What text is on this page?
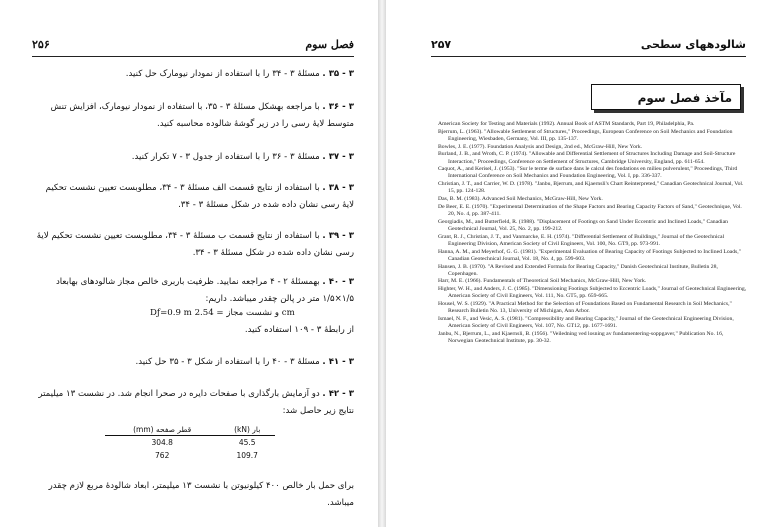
۲۵۶	فصل سوم
۳ - ۳۵ . مسئلهٔ ۳ - ۳۴ را با استفاده از نمودار نیومارک حل کنید.
۳ - ۳۶ . با مراجعه بهشکل مسئلهٔ ۳ - ۳۵، با استفاده از نمودار نیومارک، افزایش تنش متوسط لایهٔ رسی را در زیر گوشهٔ شالوده محاسبه کنید.
۳ - ۳۷ . مسئلهٔ ۳ - ۳۶ را با استفاده از جدول ۳ - ۷ تکرار کنید.
۳ - ۳۸ . با استفاده از نتایج قسمت الف مسئلهٔ ۳ - ۳۴، مطلوبست تعیین نشست تحکیم لایهٔ رسی نشان داده شده در شکل مسئلهٔ ۳ - ۳۴.
۳ - ۳۹ . با استفاده از نتایج قسمت ب مسئلهٔ ۳ - ۳۴، مطلوبست تعیین نشست تحکیم لایهٔ رسی نشان داده شده در شکل مسئلهٔ ۳ - ۳۴.
۳ - ۴۰ . بهمسئلهٔ ۲ - ۴ مراجعه نمایید. ظرفیت باربری خالص مجاز شالودهای بهابعاد ۱/۵×۱/۵ متر در پالن چقدر میباشد. داریم:
Dƒ=0.9 m و نشست مجاز = 2.54 cm
از رابطهٔ ۳ - ۱۰۹ استفاده کنید.
۳ - ۴۱ . مسئلهٔ ۳ - ۴۰ را با استفاده از شکل ۳ - ۳۵ حل کنید.
۳ - ۴۲ . دو آزمایش بارگذاری با صفحات دایره در صحرا انجام شد. در نشست ۱۳ میلیمتر نتایج زیر حاصل شد:
قطر صفحه (mm)	بار (kN)
304.8	45.5
762	109.7
برای حمل بار خالص ۴۰۰ کیلونیوتن با نشست ۱۳ میلیمتر، ابعاد شالودهٔ مربع لازم چقدر میباشد.
۲۵۷	شالودههای سطحی
مآخذ فصل سوم
American Society for Testing and Materials (1992). Annual Book of ASTM Standards, Part 19, Philadelphia, Pa.
Bjerrum, L. (1963). "Allowable Settlement of Structures," Proceedings, European Conference on Soil Mechanics and Foundation Engineering, Wiesbaden, Germany, Vol. III, pp. 135-137.
Bowles, J. E. (1977). Foundation Analysis and Design, 2nd ed., McGraw-Hill, New York.
Burland, J. B., and Wroth, C. P. (1974). "Allowable and Differential Settlement of Structures Including Damage and Soil-Structure Interaction," Proceedings, Conference on Settlement of Structures, Cambridge University, England, pp. 611-654.
Caquot, A., and Kerisel, J. (1953). "Sur le terme de surface dans le calcul des fondations en milieu pulverulent," Proceedings, Third International Conference on Soil Mechanics and Foundation Engineering, Vol. I, pp. 336-337.
Christian, J. T., and Carrier, W. D. (1978). "Janbu, Bjerrum, and Kjaernsli's Chart Reinterpreted," Canadian Geotechnical Journal, Vol. 15, pp. 124-128.
Das, B. M. (1983). Advanced Soil Mechanics, McGraw-Hill, New York.
De Beer, E. E. (1970). "Experimental Determination of the Shape Factors and Bearing Capacity Factors of Sand," Geotechnique, Vol. 20, No. 4, pp. 387-411.
Georgiadis, M., and Butterfield, R. (1988). "Displacement of Footings on Sand Under Eccentric and Inclined Loads," Canadian Geotechnical Journal, Vol. 25, No. 2, pp. 199-212.
Grant, R. J., Christian, J. T., and Vanmarcke, E. H. (1974). "Differential Settlement of Buildings," Journal of the Geotechnical Engineering Division, American Society of Civil Engineers, Vol. 100, No. GT9, pp. 973-991.
Hanna, A. M., and Meyerhof, G. G. (1981). "Experimental Evaluation of Bearing Capacity of Footings Subjected to Inclined Loads," Canadian Geotechnical Journal, Vol. 18, No. 4, pp. 599-603.
Hansen, J. B. (1970). "A Revised and Extended Formula for Bearing Capacity," Danish Geotechnical Institute, Bulletin 28, Copenhagen.
Harr, M. E. (1966). Fundamentals of Theoretical Soil Mechanics, McGraw-Hill, New York.
Highter, W. H., and Anders, J. C. (1985). "Dimensioning Footings Subjected to Eccentric Loads," Journal of Geotechnical Engineering, American Society of Civil Engineers, Vol. 111, No. GT5, pp. 659-665.
Housel, W. S. (1929). "A Practical Method for the Selection of Foundations Based on Fundamental Research in Soil Mechanics," Research Bulletin No. 13, University of Michigan, Ann Arbor.
Ismael, N. F., and Vesic, A. S. (1981). "Compressibility and Bearing Capacity," Journal of the Geotechnical Engineering Division, American Society of Civil Engineers, Vol. 107, No. GT12, pp. 1677-1691.
Janbu, N., Bjerrum, L., and Kjaernsli, B. (1956). "Veiledning ved losning av fundamentering-soppgaver," Publication No. 16, Norwegian Geotechnical Institute, pp. 30-32.
